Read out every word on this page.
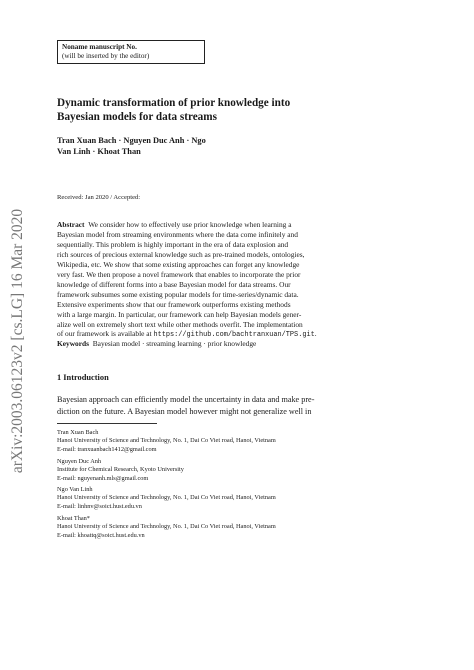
arXiv:2003.06123v2 [cs.LG] 16 Mar 2020
Noname manuscript No.
(will be inserted by the editor)
Dynamic transformation of prior knowledge into
Bayesian models for data streams
Tran Xuan Bach · Nguyen Duc Anh · Ngo
Van Linh · Khoat Than
Received: Jan 2020 / Accepted:
Abstract We consider how to effectively use prior knowledge when learning a
Bayesian model from streaming environments where the data come infinitely and
sequentially. This problem is highly important in the era of data explosion and
rich sources of precious external knowledge such as pre-trained models, ontologies,
Wikipedia, etc. We show that some existing approaches can forget any knowledge
very fast. We then propose a novel framework that enables to incorporate the prior
knowledge of different forms into a base Bayesian model for data streams. Our
framework subsumes some existing popular models for time-series/dynamic data.
Extensive experiments show that our framework outperforms existing methods
with a large margin. In particular, our framework can help Bayesian models gener-
alize well on extremely short text while other methods overfit. The implementation
of our framework is available at https://github.com/bachtranxuan/TPS.git.
Keywords Bayesian model · streaming learning · prior knowledge
1 Introduction
Bayesian approach can efficiently model the uncertainty in data and make pre-
diction on the future. A Bayesian model however might not generalize well in
Tran Xuan Bach
Hanoi University of Science and Technology, No. 1, Dai Co Viet road, Hanoi, Vietnam
E-mail: tranxuanbach1412@gmail.com
Nguyen Duc Anh
Institute for Chemical Research, Kyoto University
E-mail: nguyenanh.mls@gmail.com
Ngo Van Linh
Hanoi University of Science and Technology, No. 1, Dai Co Viet road, Hanoi, Vietnam
E-mail: linhnv@soict.hust.edu.vn
Khoat Than*
Hanoi University of Science and Technology, No. 1, Dai Co Viet road, Hanoi, Vietnam
E-mail: khoattq@soict.hust.edu.vn
